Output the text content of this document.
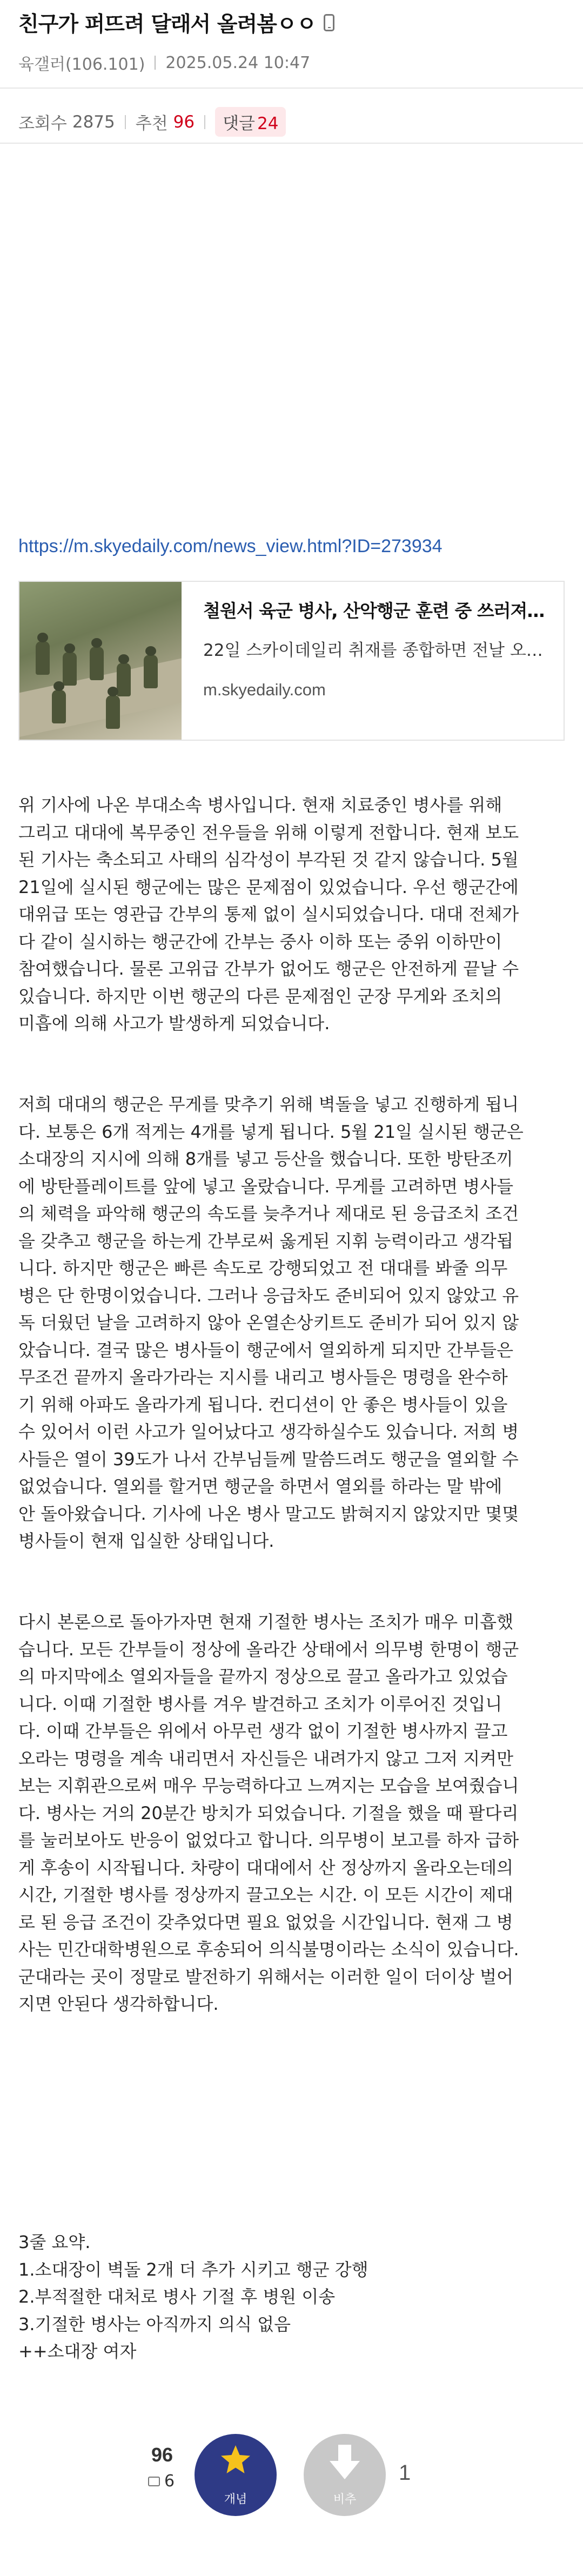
친구가 퍼뜨려 달래서 올려봄ㅇㅇ
육갤러(106.101) 2025.05.24 10:47
조회수 2875 추천 96	댓글 24
https://m.skyedaily.com/news_view.html?ID=273934
철원서 육군 병사, 산악행군 훈련 중 쓰러져…
22일 스카이데일리 취재를 종합하면 전날 오…
m.skyedaily.com
위 기사에 나온 부대소속 병사입니다. 현재 치료중인 병사를 위해
그리고 대대에 복무중인 전우들을 위해 이렇게 전합니다. 현재 보도
된 기사는 축소되고 사태의 심각성이 부각된 것 같지 않습니다. 5월
21일에 실시된 행군에는 많은 문제점이 있었습니다. 우선 행군간에
대위급 또는 영관급 간부의 통제 없이 실시되었습니다. 대대 전체가
다 같이 실시하는 행군간에 간부는 중사 이하 또는 중위 이하만이
참여했습니다. 물론 고위급 간부가 없어도 행군은 안전하게 끝날 수
있습니다. 하지만 이번 행군의 다른 문제점인 군장 무게와 조치의
미흡에 의해 사고가 발생하게 되었습니다.
저희 대대의 행군은 무게를 맞추기 위해 벽돌을 넣고 진행하게 됩니
다. 보통은 6개 적게는 4개를 넣게 됩니다. 5월 21일 실시된 행군은
소대장의 지시에 의해 8개를 넣고 등산을 했습니다. 또한 방탄조끼
에 방탄플레이트를 앞에 넣고 올랐습니다. 무게를 고려하면 병사들
의 체력을 파악해 행군의 속도를 늦추거나 제대로 된 응급조치 조건
을 갖추고 행군을 하는게 간부로써 옳게된 지휘 능력이라고 생각됩
니다. 하지만 행군은 빠른 속도로 강행되었고 전 대대를 봐줄 의무
병은 단 한명이었습니다. 그러나 응급차도 준비되어 있지 않았고 유
독 더웠던 날을 고려하지 않아 온열손상키트도 준비가 되어 있지 않
았습니다. 결국 많은 병사들이 행군에서 열외하게 되지만 간부들은
무조건 끝까지 올라가라는 지시를 내리고 병사들은 명령을 완수하
기 위해 아파도 올라가게 됩니다. 컨디션이 안 좋은 병사들이 있을
수 있어서 이런 사고가 일어났다고 생각하실수도 있습니다. 저희 병
사들은 열이 39도가 나서 간부님들께 말씀드려도 행군을 열외할 수
없었습니다. 열외를 할거면 행군을 하면서 열외를 하라는 말 밖에
안 돌아왔습니다. 기사에 나온 병사 말고도 밝혀지지 않았지만 몇몇
병사들이 현재 입실한 상태입니다.
다시 본론으로 돌아가자면 현재 기절한 병사는 조치가 매우 미흡했
습니다. 모든 간부들이 정상에 올라간 상태에서 의무병 한명이 행군
의 마지막에소 열외자들을 끝까지 정상으로 끌고 올라가고 있었습
니다. 이때 기절한 병사를 겨우 발견하고 조치가 이루어진 것입니
다. 이때 간부들은 위에서 아무런 생각 없이 기절한 병사까지 끌고
오라는 명령을 계속 내리면서 자신들은 내려가지 않고 그저 지켜만
보는 지휘관으로써 매우 무능력하다고 느껴지는 모습을 보여줬습니
다. 병사는 거의 20분간 방치가 되었습니다. 기절을 했을 때 팔다리
를 눌러보아도 반응이 없었다고 합니다. 의무병이 보고를 하자 급하
게 후송이 시작됩니다. 차량이 대대에서 산 정상까지 올라오는데의
시간, 기절한 병사를 정상까지 끌고오는 시간. 이 모든 시간이 제대
로 된 응급 조건이 갖추었다면 필요 없었을 시간입니다. 현재 그 병
사는 민간대학병원으로 후송되어 의식불명이라는 소식이 있습니다.
군대라는 곳이 정말로 발전하기 위해서는 이러한 일이 더이상 벌어
지면 안된다 생각하합니다.
3줄 요약.
1.소대장이 벽돌 2개 더 추가 시키고 행군 강행
2.부적절한 대처로 병사 기절 후 병원 이송
3.기절한 병사는 아직까지 의식 없음
++소대장 여자
96
6
개념	비추
1
